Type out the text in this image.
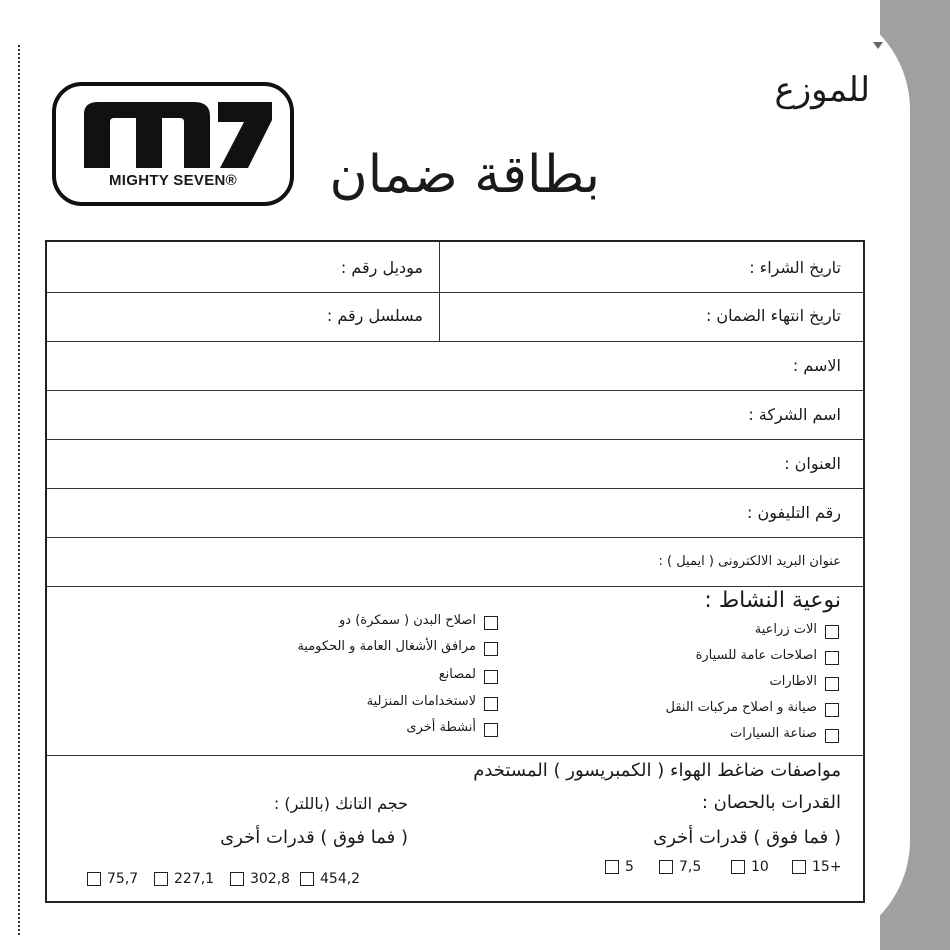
MIGHTY SEVEN®
للموزع
بطاقة ضمان
تاريخ الشراء :
موديل رقم :
تاريخ انتهاء الضمان :
مسلسل رقم :
الاسم :
اسم الشركة :
العنوان :
رقم التليفون :
عنوان البريد الالكترونى ( ايميل ) :
نوعية النشاط :
الات زراعية
اصلاحات عامة للسيارة
الاطارات
صيانة و اصلاح مركبات النقل
صناعة السيارات
اصلاح البدن ( سمكرة) دو
مرافق الأشغال العامة و الحكومية
لمصانع
لاستخدامات المنزلية
أنشطة أخرى
مواصفات ضاغط الهواء ( الكمبريسور ) المستخدم
القدرات بالحصان :
حجم التانك (باللتر) :
( فما فوق ) قدرات أخرى
( فما فوق ) قدرات أخرى
15+
10
7,5
5
454,2
302,8
227,1
75,7
